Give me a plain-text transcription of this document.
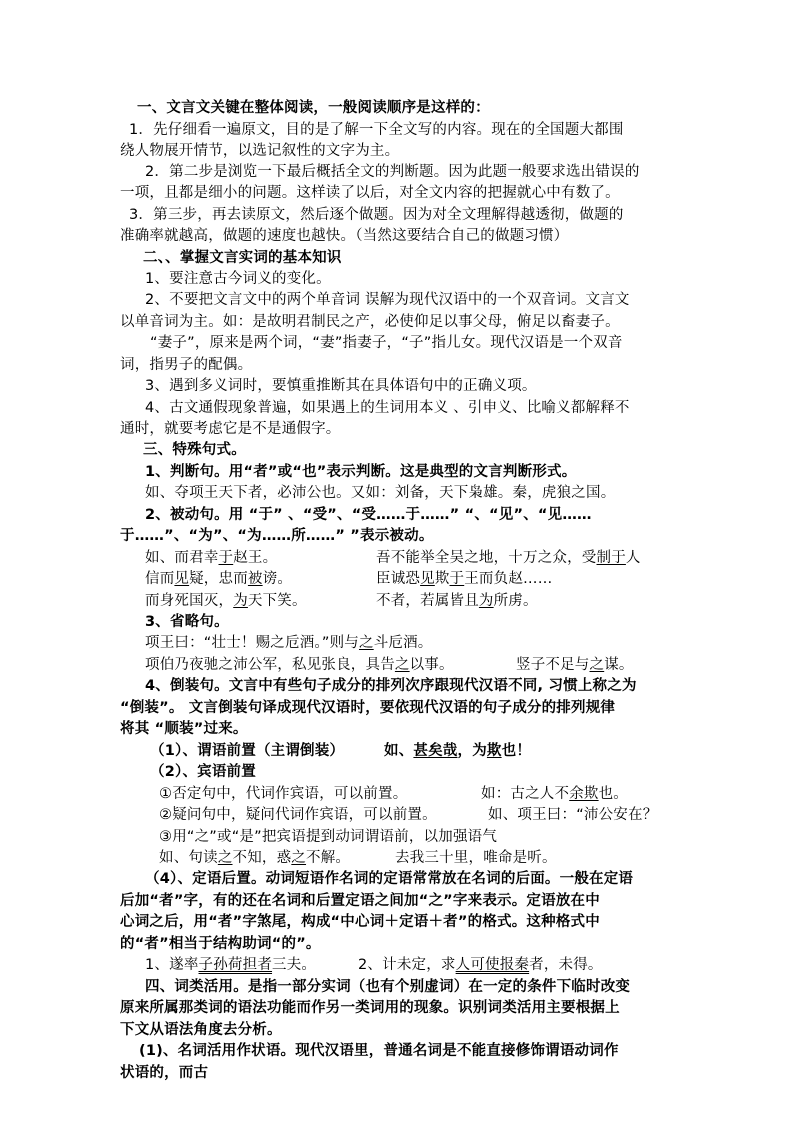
一、文言文关键在整体阅读，一般阅读顺序是这样的：
1．先仔细看一遍原文，目的是了解一下全文写的内容。现在的全国题大都围
绕人物展开情节，以选记叙性的文字为主。
2．第二步是浏览一下最后概括全文的判断题。因为此题一般要求选出错误的
一项，且都是细小的问题。这样读了以后，对全文内容的把握就心中有数了。
3．第三步，再去读原文，然后逐个做题。因为对全文理解得越透彻，做题的
准确率就越高，做题的速度也越快。（当然这要结合自己的做题习惯）
二、、掌握文言实词的基本知识
1、要注意古今词义的变化。
2、不要把文言文中的两个单音词 误解为现代汉语中的一个双音词。文言文
以单音词为主。如：是故明君制民之产，必使仰足以事父母，俯足以畜妻子。
“妻子”，原来是两个词，“妻”指妻子，“子”指儿女。现代汉语是一个双音
词，指男子的配偶。
3、遇到多义词时，要慎重推断其在具体语句中的正确义项。
4、古文通假现象普遍，如果遇上的生词用本义 、引申义、比喻义都解释不
通时，就要考虑它是不是通假字。
三、特殊句式。
1、判断句。用“者”或“也”表示判断。这是典型的文言判断形式。
如、夺项王天下者，必沛公也。又如：刘备，天下枭雄。秦，虎狼之国。
2、被动句。用 “于” 、“受”、“受……于……” “、“见”、“见……
于……”、“为”、“为……所……” ”表示被动。
如、而君幸于赵王。	吾不能举全吴之地，十万之众，受制于人
信而见疑，忠而被谤。	臣诚恐见欺于王而负赵……
而身死国灭，为天下笑。	不者，若属皆且为所虏。
3、省略句。
项王曰：“壮士！赐之卮酒。”则与之斗卮酒。
项伯乃夜驰之沛公军，私见张良，具告之以事。	竖子不足与之谋。
4、倒装句。文言中有些句子成分的排列次序跟现代汉语不同, 习惯上称之为
“倒装”。 文言倒装句译成现代汉语时，要依现代汉语的句子成分的排列规律
将其 “顺装”过来。
（1）、谓语前置（主谓倒装）	如、甚矣哉，为欺也！
（2）、宾语前置
①否定句中，代词作宾语，可以前置。	如：古之人不余欺也。
②疑问句中，疑问代词作宾语，可以前置。	如、项王曰：“沛公安在？
③用“之”或“是”把宾语提到动词谓语前，以加强语气
如、句读之不知，惑之不解。	去我三十里，唯命是听。
（4）、定语后置。动词短语作名词的定语常常放在名词的后面。一般在定语
后加“者”字，有的还在名词和后置定语之间加“之”字来表示。定语放在中
心词之后，用“者”字煞尾，构成“中心词＋定语＋者”的格式。这种格式中
的“者”相当于结构助词“的”。
1、遂率子孙荷担者三夫。	2、计未定，求人可使报秦者，未得。
四、词类活用。是指一部分实词（也有个别虚词）在一定的条件下临时改变
原来所属那类词的语法功能而作另一类词用的现象。识别词类活用主要根据上
下文从语法角度去分析。
(1)、名词活用作状语。现代汉语里，普通名词是不能直接修饰谓语动词作
状语的，而古
